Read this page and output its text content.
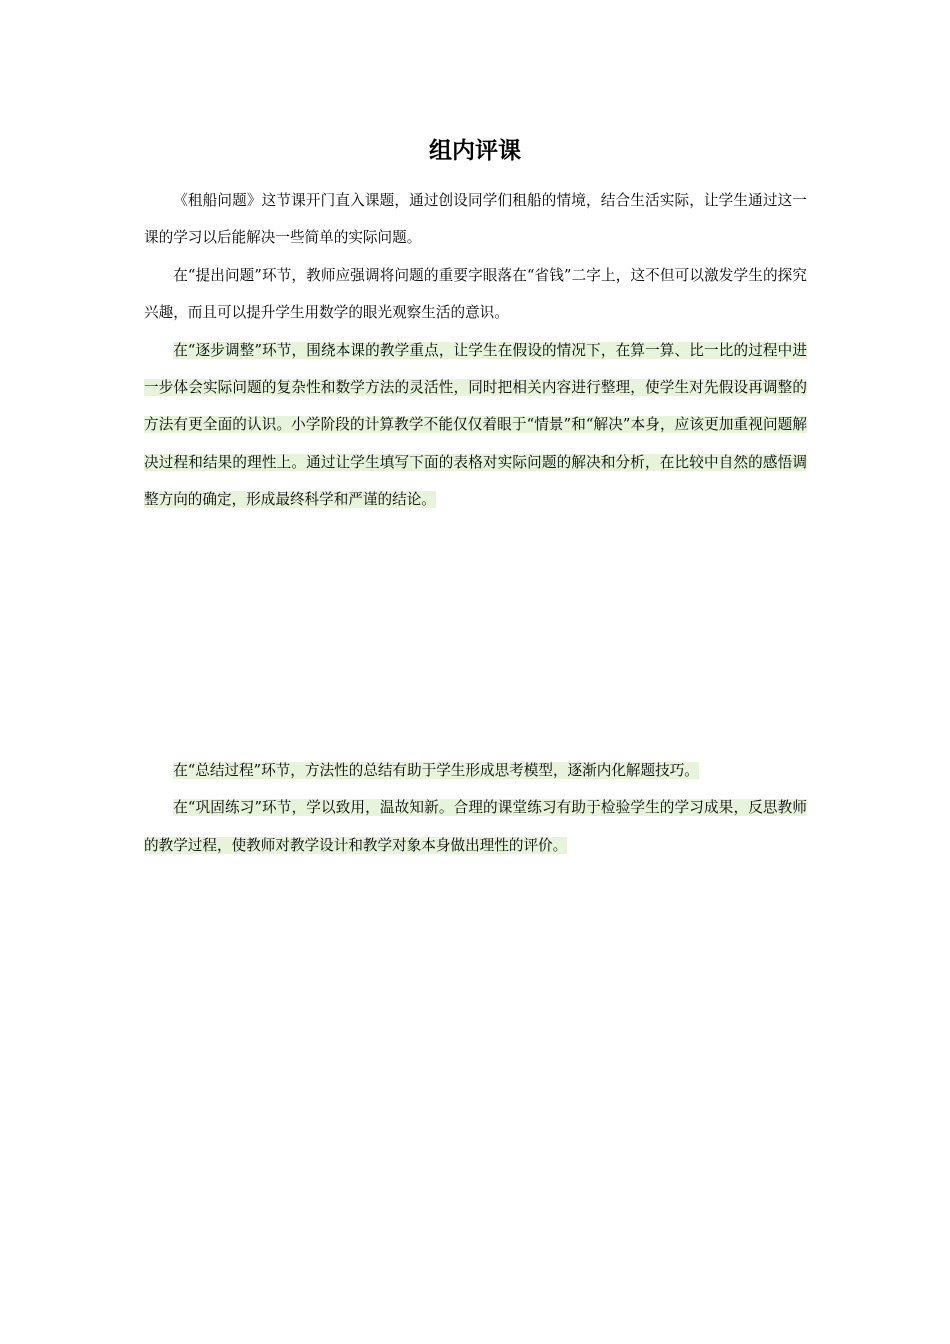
组内评课

《租船问题》这节课开门直入课题，通过创设同学们租船的情境，结合生活实际，让学生通过这一课的学习以后能解决一些简单的实际问题。

在“提出问题”环节，教师应强调将问题的重要字眼落在“省钱”二字上，这不但可以激发学生的探究兴趣，而且可以提升学生用数学的眼光观察生活的意识。

在“逐步调整”环节，围绕本课的教学重点，让学生在假设的情况下，在算一算、比一比的过程中进一步体会实际问题的复杂性和数学方法的灵活性，同时把相关内容进行整理，使学生对先假设再调整的方法有更全面的认识。小学阶段的计算教学不能仅仅着眼于“情景”和“解决”本身，应该更加重视问题解决过程和结果的理性上。通过让学生填写下面的表格对实际问题的解决和分析，在比较中自然的感悟调整方向的确定，形成最终科学和严谨的结论。

在“总结过程”环节，方法性的总结有助于学生形成思考模型，逐渐内化解题技巧。

在“巩固练习”环节，学以致用，温故知新。合理的课堂练习有助于检验学生的学习成果，反思教师的教学过程，使教师对教学设计和教学对象本身做出理性的评价。
